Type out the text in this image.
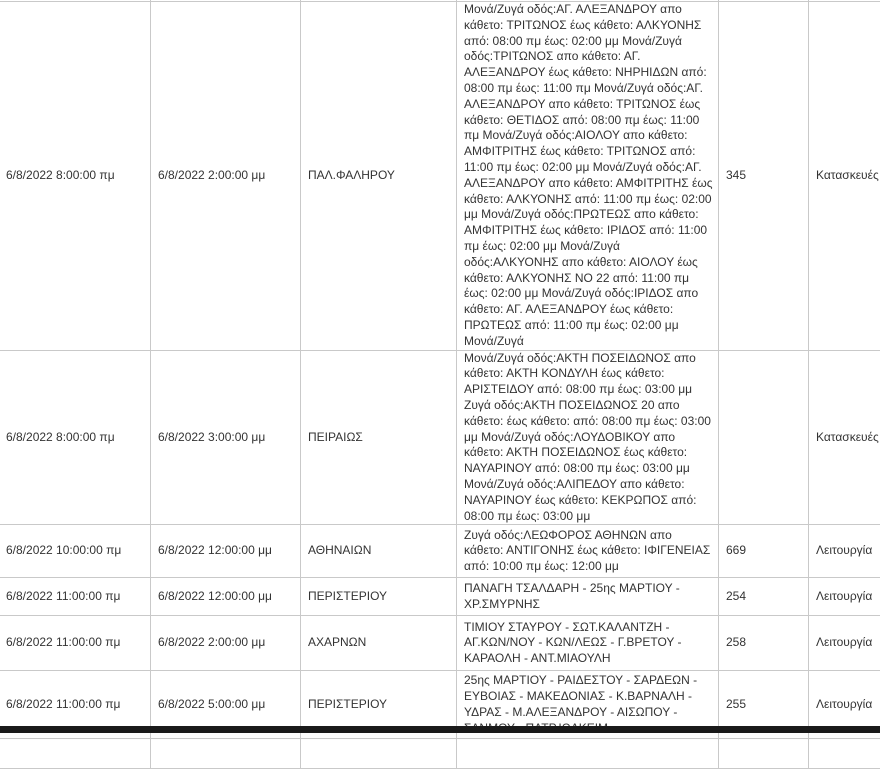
6/8/2022 8:00:00 πμ	6/8/2022 2:00:00 μμ	ΠΑΛ.ΦΑΛΗΡΟΥ	Μονά/Ζυγά οδός:ΑΓ. ΑΛΕΞΑΝΔΡΟΥ απο κάθετο: ΤΡΙΤΩΝΟΣ έως κάθετο: ΑΛΚΥΟΝΗΣ από: 08:00 πμ έως: 02:00 μμ Μονά/Ζυγά οδός:ΤΡΙΤΩΝΟΣ απο κάθετο: ΑΓ. ΑΛΕΞΑΝΔΡΟΥ έως κάθετο: ΝΗΡΗΙΔΩΝ από: 08:00 πμ έως: 11:00 πμ Μονά/Ζυγά οδός:ΑΓ. ΑΛΕΞΑΝΔΡΟΥ απο κάθετο: ΤΡΙΤΩΝΟΣ έως κάθετο: ΘΕΤΙΔΟΣ από: 08:00 πμ έως: 11:00 πμ Μονά/Ζυγά οδός:ΑΙΟΛΟΥ απο κάθετο: ΑΜΦΙΤΡΙΤΗΣ έως κάθετο: ΤΡΙΤΩΝΟΣ από: 11:00 πμ έως: 02:00 μμ Μονά/Ζυγά οδός:ΑΓ. ΑΛΕΞΑΝΔΡΟΥ απο κάθετο: ΑΜΦΙΤΡΙΤΗΣ έως κάθετο: ΑΛΚΥΟΝΗΣ από: 11:00 πμ έως: 02:00 μμ Μονά/Ζυγά οδός:ΠΡΩΤΕΩΣ απο κάθετο: ΑΜΦΙΤΡΙΤΗΣ έως κάθετο: ΙΡΙΔΟΣ από: 11:00 πμ έως: 02:00 μμ Μονά/Ζυγά οδός:ΑΛΚΥΟΝΗΣ απο κάθετο: ΑΙΟΛΟΥ έως κάθετο: ΑΛΚΥΟΝΗΣ ΝΟ 22 από: 11:00 πμ έως: 02:00 μμ Μονά/Ζυγά οδός:ΙΡΙΔΟΣ απο κάθετο: ΑΓ. ΑΛΕΞΑΝΔΡΟΥ έως κάθετο: ΠΡΩΤΕΩΣ από: 11:00 πμ έως: 02:00 μμ Μονά/Ζυγά	345	Κατασκευές
6/8/2022 8:00:00 πμ	6/8/2022 3:00:00 μμ	ΠΕΙΡΑΙΩΣ	Μονά/Ζυγά οδός:ΑΚΤΗ ΠΟΣΕΙΔΩΝΟΣ απο κάθετο: ΑΚΤΗ ΚΟΝΔΥΛΗ έως κάθετο: ΑΡΙΣΤΕΙΔΟΥ από: 08:00 πμ έως: 03:00 μμ Ζυγά οδός:ΑΚΤΗ ΠΟΣΕΙΔΩΝΟΣ 20 απο κάθετο: έως κάθετο: από: 08:00 πμ έως: 03:00 μμ Μονά/Ζυγά οδός:ΛΟΥΔΟΒΙΚΟΥ απο κάθετο: ΑΚΤΗ ΠΟΣΕΙΔΩΝΟΣ έως κάθετο: ΝΑΥΑΡΙΝΟΥ από: 08:00 πμ έως: 03:00 μμ Μονά/Ζυγά οδός:ΑΛΙΠΕΔΟΥ απο κάθετο: ΝΑΥΑΡΙΝΟΥ έως κάθετο: ΚΕΚΡΩΠΟΣ από: 08:00 πμ έως: 03:00 μμ		Κατασκευές
6/8/2022 10:00:00 πμ	6/8/2022 12:00:00 μμ	ΑΘΗΝΑΙΩΝ	Ζυγά οδός:ΛΕΩΦΟΡΟΣ ΑΘΗΝΩΝ απο κάθετο: ΑΝΤΙΓΟΝΗΣ έως κάθετο: ΙΦΙΓΕΝΕΙΑΣ από: 10:00 πμ έως: 12:00 μμ	669	Λειτουργία
6/8/2022 11:00:00 πμ	6/8/2022 12:00:00 μμ	ΠΕΡΙΣΤΕΡΙΟΥ	ΠΑΝΑΓΗ ΤΣΑΛΔΑΡΗ - 25ης ΜΑΡΤΙΟΥ - ΧΡ.ΣΜΥΡΝΗΣ	254	Λειτουργία
6/8/2022 11:00:00 πμ	6/8/2022 2:00:00 μμ	ΑΧΑΡΝΩΝ	ΤΙΜΙΟΥ ΣΤΑΥΡΟΥ - ΣΩΤ.ΚΑΛΑΝΤΖΗ - ΑΓ.ΚΩΝ/ΝΟΥ - ΚΩΝ/ΛΕΩΣ - Γ.ΒΡΕΤΟΥ - ΚΑΡΑΟΛΗ - ΑΝΤ.ΜΙΑΟΥΛΗ	258	Λειτουργία
6/8/2022 11:00:00 πμ	6/8/2022 5:00:00 μμ	ΠΕΡΙΣΤΕΡΙΟΥ	25ης ΜΑΡΤΙΟΥ - ΡΑΙΔΕΣΤΟΥ - ΣΑΡΔΕΩΝ - ΕΥΒΟΙΑΣ - ΜΑΚΕΔΟΝΙΑΣ - Κ.ΒΑΡΝΑΛΗ - ΥΔΡΑΣ - Μ.ΑΛΕΞΑΝΔΡΟΥ - ΑΙΣΩΠΟΥ -	255	Λειτουργία
